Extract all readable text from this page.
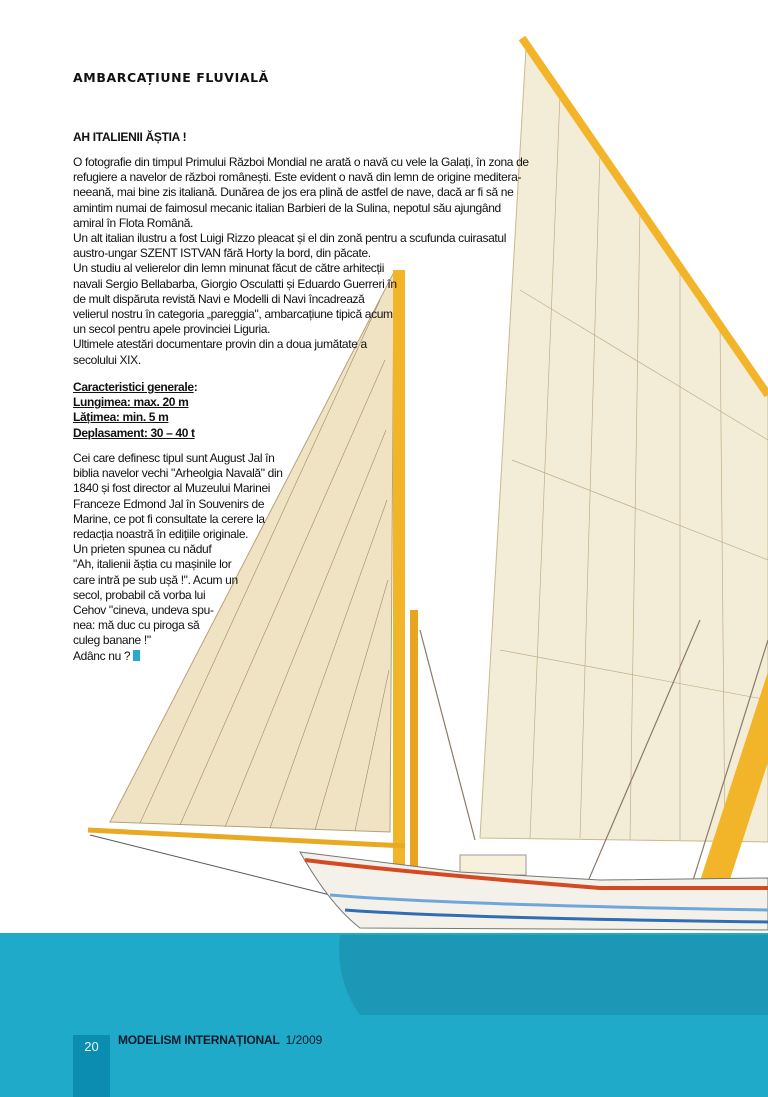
AMBARCAȚIUNE FLUVIALĂ
AH ITALIENII ĂȘTIA !
O fotografie din timpul Primului Război Mondial ne arată o navă cu vele la Galați, în zona de
refugiere a navelor de război românești. Este evident o navă din lemn de origine meditera-
neeană, mai bine zis italiană. Dunărea de jos era plină de astfel de nave, dacă ar fi să ne
amintim numai de faimosul mecanic italian Barbieri de la Sulina, nepotul său ajungând
amiral în Flota Română.
Un alt italian ilustru a fost Luigi Rizzo pleacat și el din zonă pentru a scufunda cuirasatul
austro-ungar SZENT ISTVAN fără Horty la bord, din păcate.
Un studiu al velierelor din lemn minunat făcut de către arhitecții
navali Sergio Bellabarba, Giorgio Osculatti și Eduardo Guerreri în
de mult dispăruta revistă Navi e Modelli di Navi încadrează
velierul nostru în categoria „pareggia", ambarcațiune tipică acum
un secol pentru apele provinciei Liguria.
Ultimele atestări documentare provin din a doua jumătate a
secolului XIX.
Caracteristici generale:
Lungimea: max. 20 m
Lățimea: min. 5 m
Deplasament: 30 – 40 t
Cei care definesc tipul sunt August Jal în
biblia navelor vechi "Arheolgia Navală" din
1840 și fost director al Muzeului Marinei
Franceze Edmond Jal în Souvenirs de
Marine, ce pot fi consultate la cerere la
redacția noastră în edițiile originale.
Un prieten spunea cu năduf
"Ah, italienii ăștia cu mașinile lor
care intră pe sub ușă !". Acum un
secol, probabil că vorba lui
Cehov "cineva, undeva spu-
nea: mă duc cu piroga să
culeg banane !"
Adânc nu ?
20	MODELISM INTERNAȚIONAL 1/2009
